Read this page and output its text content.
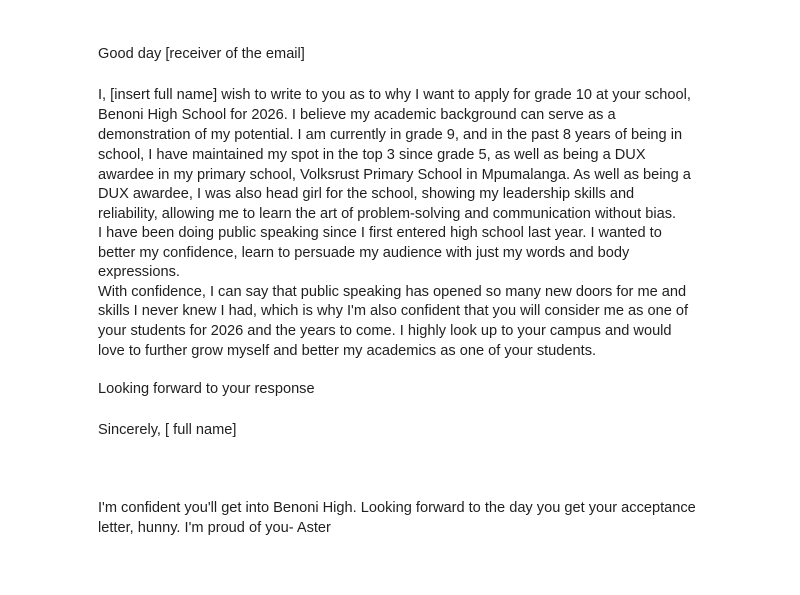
Good day [receiver of the email]
I, [insert full name] wish to write to you as to why I want to apply for grade 10 at your school,
Benoni High School for 2026. I believe my academic background can serve as a
demonstration of my potential. I am currently in grade 9, and in the past 8 years of being in
school, I have maintained my spot in the top 3 since grade 5, as well as being a DUX
awardee in my primary school, Volksrust Primary School in Mpumalanga. As well as being a
DUX awardee, I was also head girl for the school, showing my leadership skills and
reliability, allowing me to learn the art of problem-solving and communication without bias.
I have been doing public speaking since I first entered high school last year. I wanted to
better my confidence, learn to persuade my audience with just my words and body
expressions.
With confidence, I can say that public speaking has opened so many new doors for me and
skills I never knew I had, which is why I'm also confident that you will consider me as one of
your students for 2026 and the years to come. I highly look up to your campus and would
love to further grow myself and better my academics as one of your students.
Looking forward to your response
Sincerely, [ full name]
I'm confident you'll get into Benoni High. Looking forward to the day you get your acceptance
letter, hunny. I'm proud of you- Aster
